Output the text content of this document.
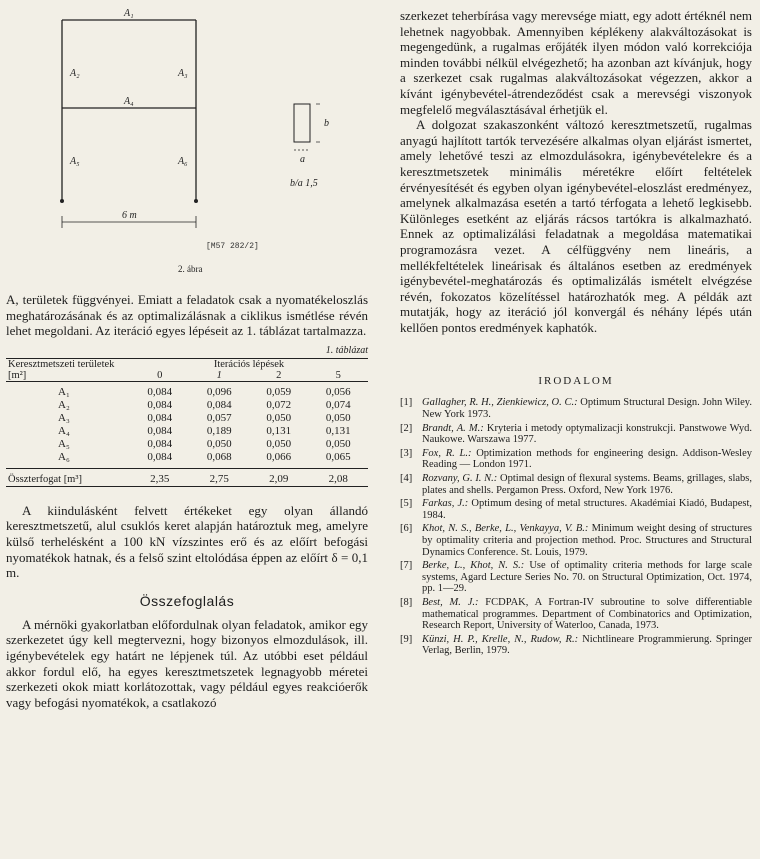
A₁
A₂	A₃
A₄
A₅	A₆
6 m
b
a
b/a 1,5
[M57 282/2]
2. ábra

A, területek függvényei. Emiatt a feladatok csak a nyomatékeloszlás meghatározásának és az optimalizálásnak a ciklikus ismétlése révén lehet megoldani. Az iteráció egyes lépéseit az 1. táblázat tartalmazza.

1. táblázat
Keresztmetszeti területek [m²]	Iterációs lépések			
	0	1	2	5

A₁	0,084	0,096	0,059	0,056
A₂	0,084	0,084	0,072	0,074
A₃	0,084	0,057	0,050	0,050
A₄	0,084	0,189	0,131	0,131
A₅	0,084	0,050	0,050	0,050
A₆	0,084	0,068	0,066	0,065

Összterfogat [m³]	2,35	2,75	2,09	2,08

A kiindulásként felvett értékeket egy olyan állandó keresztmetszetű, alul csuklós keret alapján határoztuk meg, amelyre külső terhelésként a 100 kN vízszintes erő és az előírt befogási nyomatékok hatnak, és a felső szint eltolódása éppen az előírt δ = 0,1 m.

Összefoglalás

A mérnöki gyakorlatban előfordulnak olyan feladatok, amikor egy szerkezetet úgy kell megtervezni, hogy bizonyos elmozdulások, ill. igénybevételek egy határt ne lépjenek túl. Az utóbbi eset például akkor fordul elő, ha egyes keresztmetszetek legnagyobb méretei szerkezeti okok miatt korlátozottak, vagy például egyes reakcióerők vagy befogási nyomatékok, a csatlakozó

szerkezet teherbírása vagy merevsége miatt, egy adott értéknél nem lehetnek nagyobbak. Amennyiben képlékeny alakváltozásokat is megengedünk, a rugalmas erőjáték ilyen módon való korrekciója minden további nélkül elvégezhető; ha azonban azt kívánjuk, hogy a szerkezet csak rugalmas alakváltozásokat végezzen, akkor a kívánt igénybevétel-átrendeződést csak a merevségi viszonyok megfelelő megválasztásával érhetjük el.

A dolgozat szakaszonként változó keresztmetszetű, rugalmas anyagú hajlított tartók tervezésére alkalmas olyan eljárást ismertet, amely lehetővé teszi az elmozdulásokra, igénybevételekre és a keresztmetszetek minimális méretékre előírt feltételek érvényesítését és egyben olyan igénybevétel-eloszlást eredményez, amelynek alkalmazása esetén a tartó térfogata a lehető legkisebb. Különleges esetként az eljárás rácsos tartókra is alkalmazható. Ennek az optimalizálási feladatnak a megoldása matematikai programozásra vezet. A célfüggvény nem lineáris, a mellékfeltételek lineárisak és általános esetben az eredmények igénybevétel-meghatározás és optimalizálás ismételt elvégzése révén, fokozatos közelítéssel határozhatók meg. A példák azt mutatják, hogy az iteráció jól konvergál és néhány lépés után kellően pontos eredmények kaphatók.

IRODALOM
[1] Gallagher, R. H., Zienkiewicz, O. C.: Optimum Structural Design. John Wiley. New York 1973.
[2] Brandt, A. M.: Kryteria i metody optymalizacji konstrukcji. Panstwowe Wyd. Naukowe. Warszawa 1977.
[3] Fox, R. L.: Optimization methods for engineering design. Addison-Wesley Reading — London 1971.
[4] Rozvany, G. I. N.: Optimal design of flexural systems. Beams, grillages, slabs, plates and shells. Pergamon Press. Oxford, New York 1976.
[5] Farkas, J.: Optimum desing of metal structures. Akadémiai Kiadó, Budapest, 1984.
[6] Khot, N. S., Berke, L., Venkayya, V. B.: Minimum weight desing of structures by optimality criteria and projection method. Proc. Structures and Structural Dynamics Conference. St. Louis, 1979.
[7] Berke, L., Khot, N. S.: Use of optimality criteria methods for large scale systems, Agard Lecture Series No. 70. on Structural Optimization, Oct. 1974, pp. 1—29.
[8] Best, M. J.: FCDPAK, A Fortran-IV subroutine to solve differentiable mathematical programmes. Department of Combinatorics and Optimization, Research Report, University of Waterloo, Canada, 1973.
[9] Künzi, H. P., Krelle, N., Rudow, R.: Nichtlineare Programmierung. Springer Verlag, Berlin, 1979.
